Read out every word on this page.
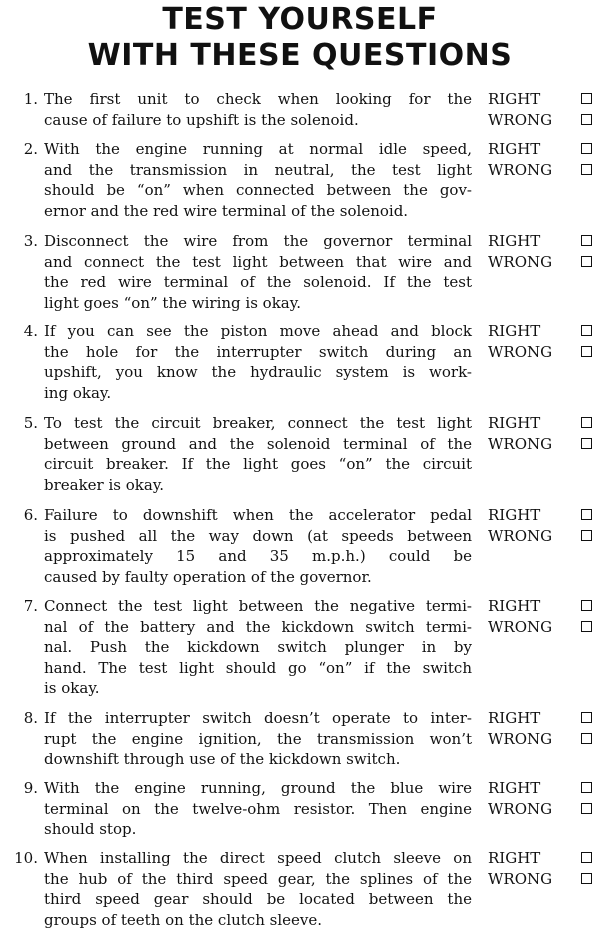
TEST YOURSELF
WITH THESE QUESTIONS
1. The first unit to check when looking for the
cause of failure to upshift is the solenoid.
RIGHT
WRONG
2. With the engine running at normal idle speed,
and the transmission in neutral, the test light
should be “on” when connected between the gov-
ernor and the red wire terminal of the solenoid.
RIGHT
WRONG
3. Disconnect the wire from the governor terminal
and connect the test light between that wire and
the red wire terminal of the solenoid. If the test
light goes “on” the wiring is okay.
RIGHT
WRONG
4. If you can see the piston move ahead and block
the hole for the interrupter switch during an
upshift, you know the hydraulic system is work-
ing okay.
RIGHT
WRONG
5. To test the circuit breaker, connect the test light
between ground and the solenoid terminal of the
circuit breaker. If the light goes “on” the circuit
breaker is okay.
RIGHT
WRONG
6. Failure to downshift when the accelerator pedal
is pushed all the way down (at speeds between
approximately 15 and 35 m.p.h.) could be
caused by faulty operation of the governor.
RIGHT
WRONG
7. Connect the test light between the negative termi-
nal of the battery and the kickdown switch termi-
nal. Push the kickdown switch plunger in by
hand. The test light should go “on” if the switch
is okay.
RIGHT
WRONG
8. If the interrupter switch doesn’t operate to inter-
rupt the engine ignition, the transmission won’t
downshift through use of the kickdown switch.
RIGHT
WRONG
9. With the engine running, ground the blue wire
terminal on the twelve-ohm resistor. Then engine
should stop.
RIGHT
WRONG
10. When installing the direct speed clutch sleeve on
the hub of the third speed gear, the splines of the
third speed gear should be located between the
groups of teeth on the clutch sleeve.
RIGHT
WRONG
